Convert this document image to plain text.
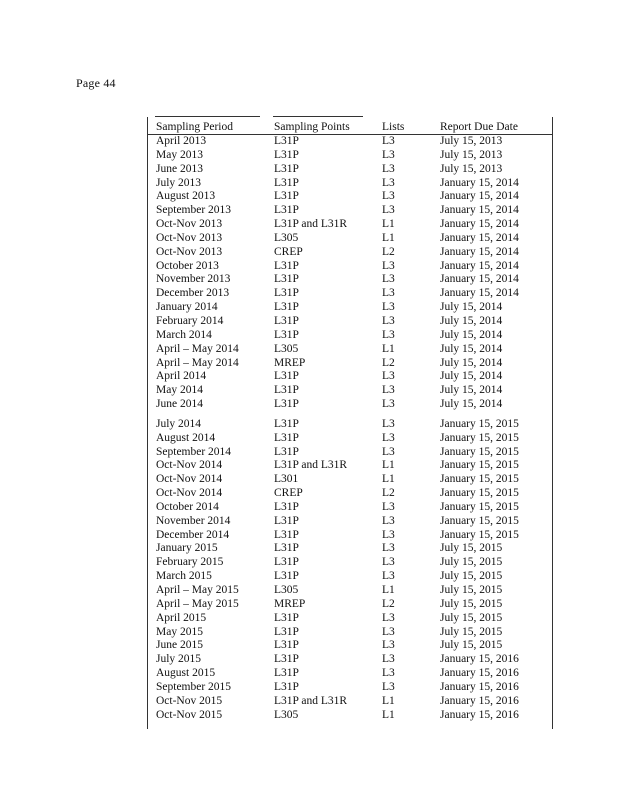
Page 44
Sampling Period	Sampling Points	Lists	Report Due Date
April 2013	L31P	L3	July 15, 2013
May 2013	L31P	L3	July 15, 2013
June 2013	L31P	L3	July 15, 2013
July 2013	L31P	L3	January 15, 2014
August 2013	L31P	L3	January 15, 2014
September 2013	L31P	L3	January 15, 2014
Oct-Nov 2013	L31P and L31R	L1	January 15, 2014
Oct-Nov 2013	L305	L1	January 15, 2014
Oct-Nov 2013	CREP	L2	January 15, 2014
October 2013	L31P	L3	January 15, 2014
November 2013	L31P	L3	January 15, 2014
December 2013	L31P	L3	January 15, 2014
January 2014	L31P	L3	July 15, 2014
February 2014	L31P	L3	July 15, 2014
March 2014	L31P	L3	July 15, 2014
April – May 2014	L305	L1	July 15, 2014
April – May 2014	MREP	L2	July 15, 2014
April 2014	L31P	L3	July 15, 2014
May 2014	L31P	L3	July 15, 2014
June 2014	L31P	L3	July 15, 2014
July 2014	L31P	L3	January 15, 2015
August 2014	L31P	L3	January 15, 2015
September 2014	L31P	L3	January 15, 2015
Oct-Nov 2014	L31P and L31R	L1	January 15, 2015
Oct-Nov 2014	L301	L1	January 15, 2015
Oct-Nov 2014	CREP	L2	January 15, 2015
October 2014	L31P	L3	January 15, 2015
November 2014	L31P	L3	January 15, 2015
December 2014	L31P	L3	January 15, 2015
January 2015	L31P	L3	July 15, 2015
February 2015	L31P	L3	July 15, 2015
March 2015	L31P	L3	July 15, 2015
April – May 2015	L305	L1	July 15, 2015
April – May 2015	MREP	L2	July 15, 2015
April 2015	L31P	L3	July 15, 2015
May 2015	L31P	L3	July 15, 2015
June 2015	L31P	L3	July 15, 2015
July 2015	L31P	L3	January 15, 2016
August 2015	L31P	L3	January 15, 2016
September 2015	L31P	L3	January 15, 2016
Oct-Nov 2015	L31P and L31R	L1	January 15, 2016
Oct-Nov 2015	L305	L1	January 15, 2016
